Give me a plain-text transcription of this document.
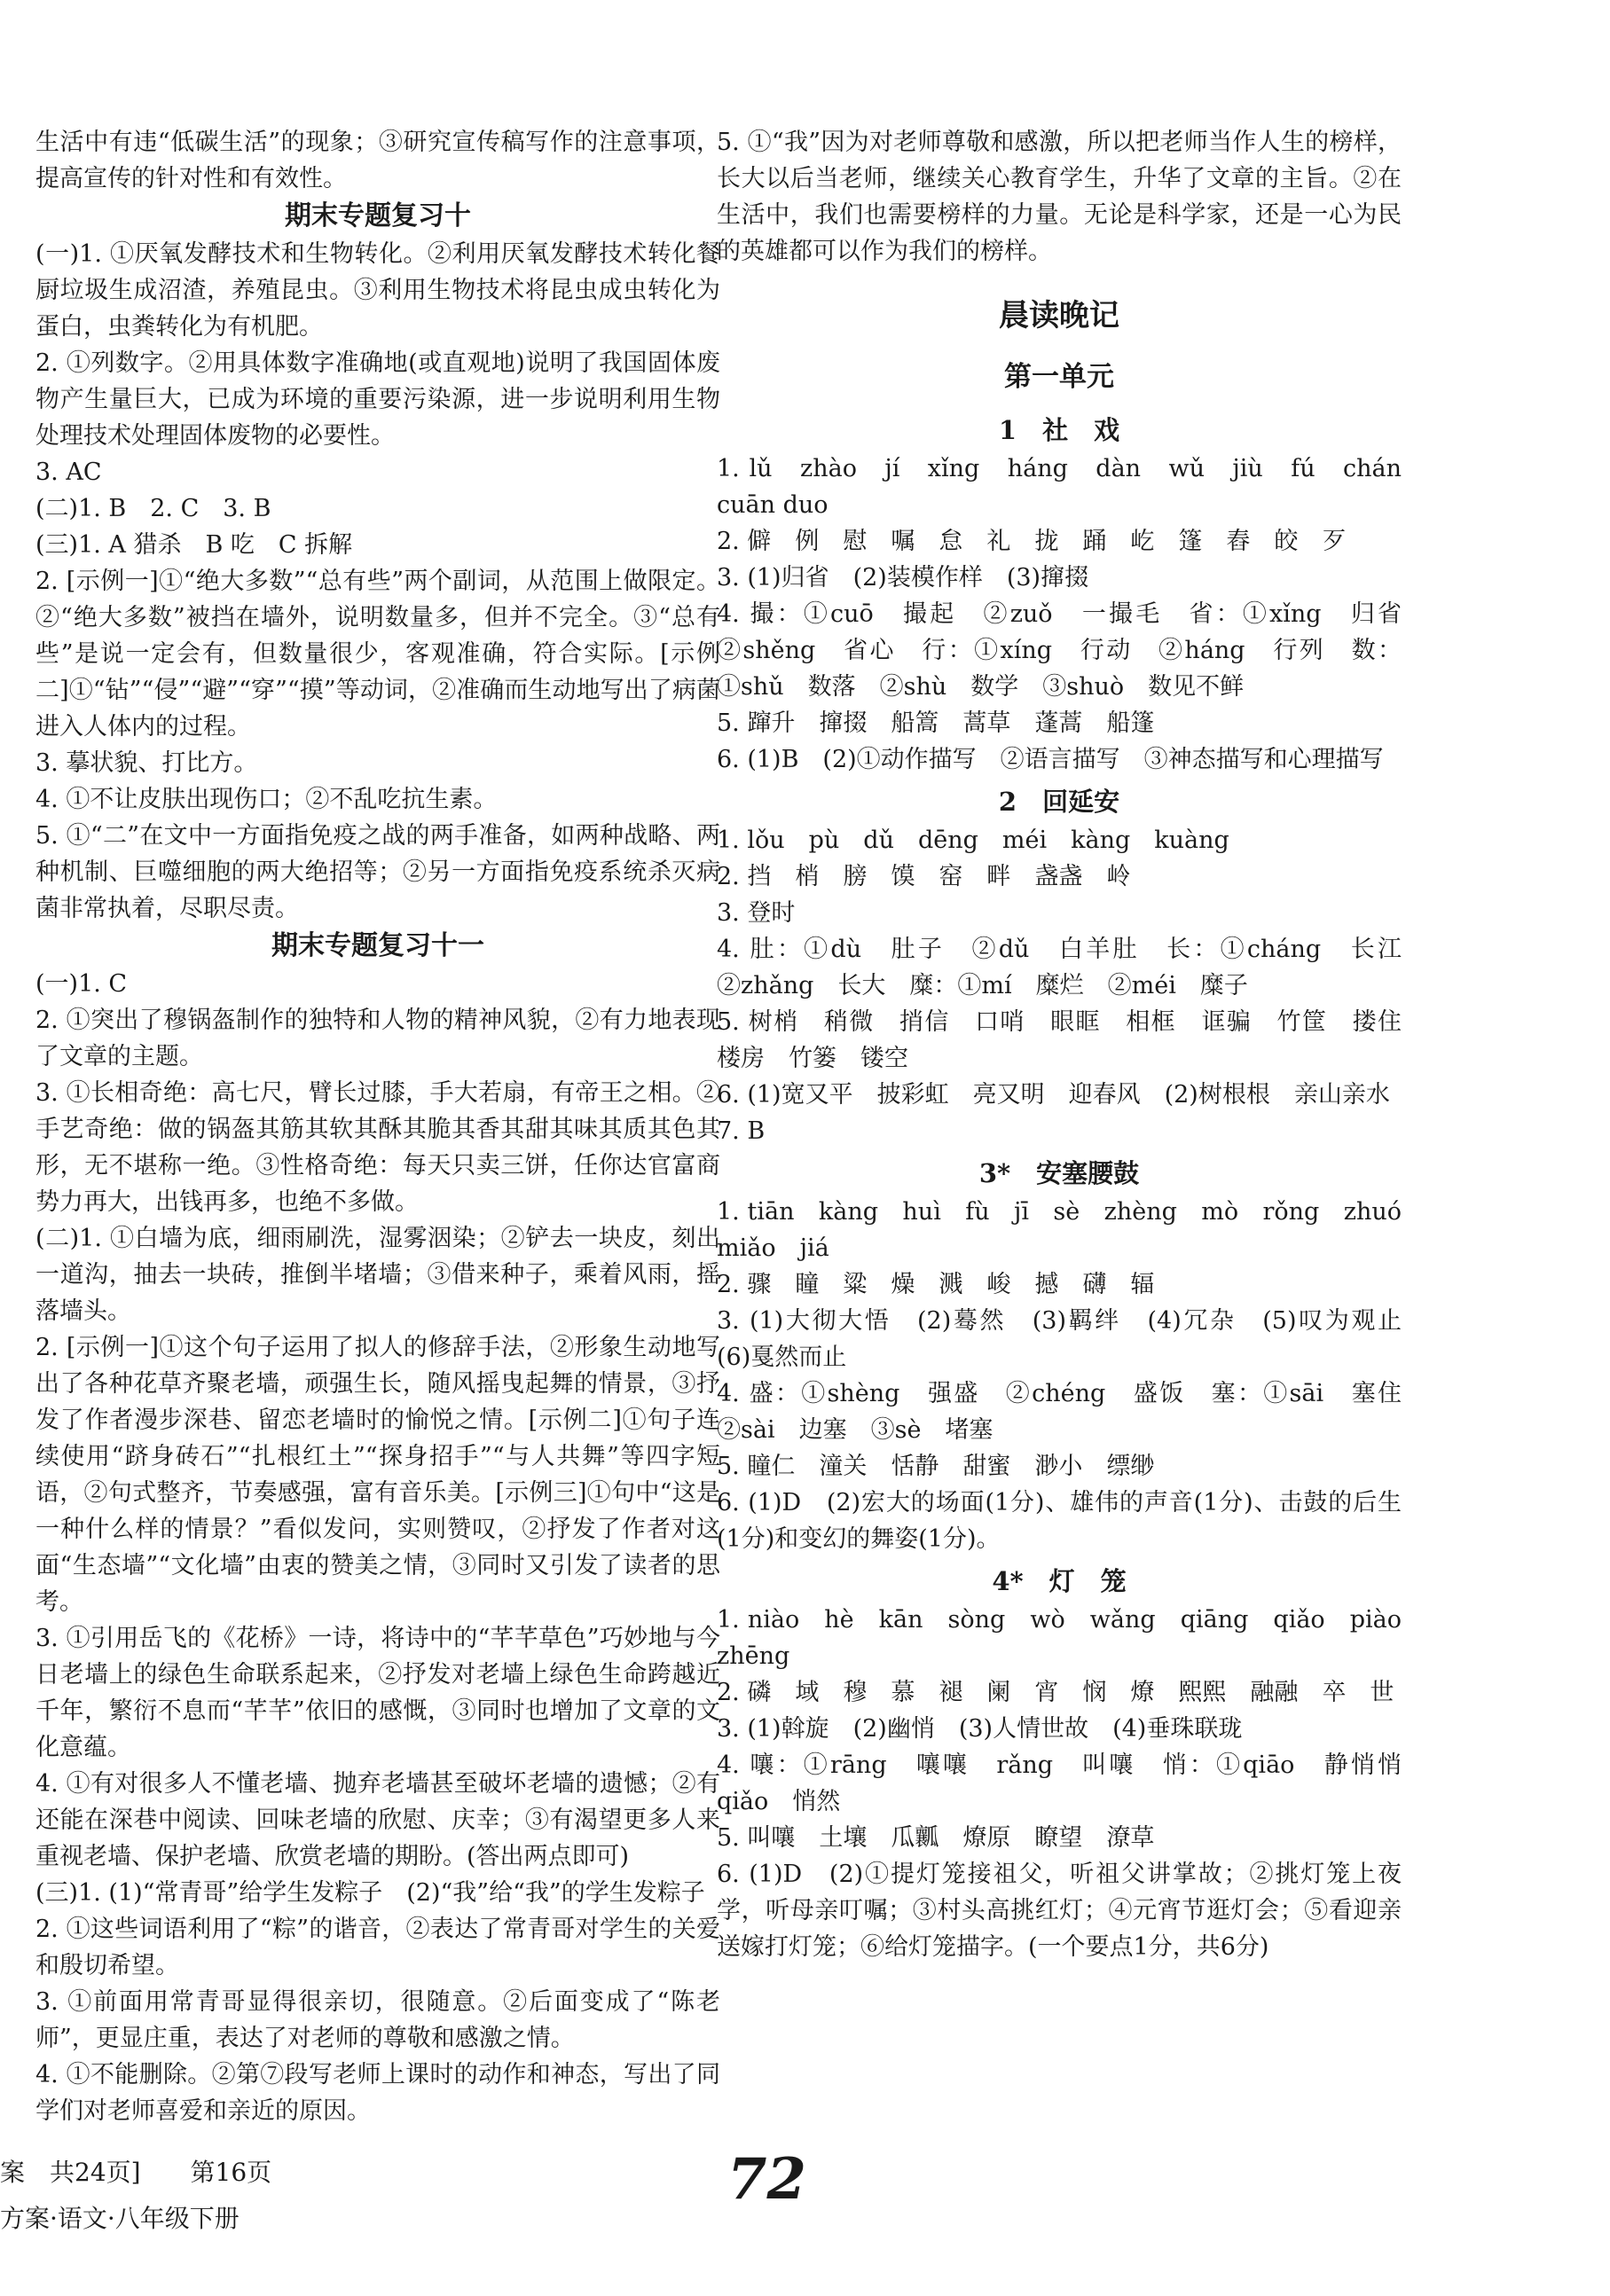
生活中有违“低碳生活”的现象；③研究宣传稿写作的注意事项，提高宣传的针对性和有效性。

期末专题复习十

(一)1. ①厌氧发酵技术和生物转化。②利用厌氧发酵技术转化餐厨垃圾生成沼渣，养殖昆虫。③利用生物技术将昆虫成虫转化为蛋白，虫粪转化为有机肥。

2. ①列数字。②用具体数字准确地(或直观地)说明了我国固体废物产生量巨大，已成为环境的重要污染源，进一步说明利用生物处理技术处理固体废物的必要性。

3. AC

(二)1. B　2. C　3. B

(三)1. A 猎杀　B 吃　C 拆解

2. [示例一]①“绝大多数”“总有些”两个副词，从范围上做限定。②“绝大多数”被挡在墙外，说明数量多，但并不完全。③“总有些”是说一定会有，但数量很少，客观准确，符合实际。[示例二]①“钻”“侵”“避”“穿”“摸”等动词，②准确而生动地写出了病菌进入人体内的过程。

3. 摹状貌、打比方。

4. ①不让皮肤出现伤口；②不乱吃抗生素。

5. ①“二”在文中一方面指免疫之战的两手准备，如两种战略、两种机制、巨噬细胞的两大绝招等；②另一方面指免疫系统杀灭病菌非常执着，尽职尽责。

期末专题复习十一

(一)1. C

2. ①突出了穆锅盔制作的独特和人物的精神风貌，②有力地表现了文章的主题。

3. ①长相奇绝：高七尺，臂长过膝，手大若扇，有帝王之相。②手艺奇绝：做的锅盔其筋其软其酥其脆其香其甜其味其质其色其形，无不堪称一绝。③性格奇绝：每天只卖三饼，任你达官富商势力再大，出钱再多，也绝不多做。

(二)1. ①白墙为底，细雨刷洗，湿雾洇染；②铲去一块皮，刻出一道沟，抽去一块砖，推倒半堵墙；③借来种子，乘着风雨，摇落墙头。

2. [示例一]①这个句子运用了拟人的修辞手法，②形象生动地写出了各种花草齐聚老墙，顽强生长，随风摇曳起舞的情景，③抒发了作者漫步深巷、留恋老墙时的愉悦之情。[示例二]①句子连续使用“跻身砖石”“扎根红土”“探身招手”“与人共舞”等四字短语，②句式整齐，节奏感强，富有音乐美。[示例三]①句中“这是一种什么样的情景？”看似发问，实则赞叹，②抒发了作者对这面“生态墙”“文化墙”由衷的赞美之情，③同时又引发了读者的思考。

3. ①引用岳飞的《花桥》一诗，将诗中的“芊芊草色”巧妙地与今日老墙上的绿色生命联系起来，②抒发对老墙上绿色生命跨越近千年，繁衍不息而“芊芊”依旧的感慨，③同时也增加了文章的文化意蕴。

4. ①有对很多人不懂老墙、抛弃老墙甚至破坏老墙的遗憾；②有还能在深巷中阅读、回味老墙的欣慰、庆幸；③有渴望更多人来重视老墙、保护老墙、欣赏老墙的期盼。(答出两点即可)

(三)1. (1)“常青哥”给学生发粽子　(2)“我”给“我”的学生发粽子

2. ①这些词语利用了“粽”的谐音，②表达了常青哥对学生的关爱和殷切希望。

3. ①前面用常青哥显得很亲切，很随意。②后面变成了“陈老师”，更显庄重，表达了对老师的尊敬和感激之情。

4. ①不能删除。②第⑦段写老师上课时的动作和神态，写出了同学们对老师喜爱和亲近的原因。

5. ①“我”因为对老师尊敬和感激，所以把老师当作人生的榜样，长大以后当老师，继续关心教育学生，升华了文章的主旨。②在生活中，我们也需要榜样的力量。无论是科学家，还是一心为民的英雄都可以作为我们的榜样。

晨读晚记
第一单元
1　社　戏

1. lǔ　zhào　jí　xǐng　háng　dàn　wǔ　jiù　fú　chán　cuān duo

2. 僻　例　慰　嘱　怠　礼　拢　踊　屹　篷　舂　皎　歹

3. (1)归省　(2)装模作样　(3)撺掇

4. 撮：①cuō　撮起　②zuǒ　一撮毛　省：①xǐng　归省　②shěng　省心　行：①xíng　行动　②háng　行列　数：①shǔ　数落　②shù　数学　③shuò　数见不鲜

5. 蹿升　撺掇　船篙　蒿草　蓬蒿　船篷

6. (1)B　(2)①动作描写　②语言描写　③神态描写和心理描写

2　回延安

1. lǒu　pù　dǔ　dēng　méi　kàng　kuàng

2. 挡　梢　膀　馍　窑　畔　盏盏　岭

3. 登时

4. 肚：①dù　肚子　②dǔ　白羊肚　长：①cháng　长江　②zhǎng　长大　糜：①mí　糜烂　②méi　糜子

5. 树梢　稍微　捎信　口哨　眼眶　相框　诓骗　竹筐　搂住　楼房　竹篓　镂空

6. (1)宽又平　披彩虹　亮又明　迎春风　(2)树根根　亲山亲水

7. B

3*　安塞腰鼓

1. tiān　kàng　huì　fù　jī　sè　zhèng　mò　rǒng　zhuó　miǎo　jiá

2. 骤　瞳　粱　燥　溅　峻　撼　礴　辐

3. (1)大彻大悟　(2)蓦然　(3)羁绊　(4)冗杂　(5)叹为观止　(6)戛然而止

4. 盛：①shèng　强盛　②chéng　盛饭　塞：①sāi　塞住　②sài　边塞　③sè　堵塞

5. 瞳仁　潼关　恬静　甜蜜　渺小　缥缈

6. (1)D　(2)宏大的场面(1分)、雄伟的声音(1分)、击鼓的后生(1分)和变幻的舞姿(1分)。

4*　灯　笼

1. niào　hè　kān　sòng　wò　wǎng　qiāng　qiǎo　piào　zhēng

2. 磷　域　穆　慕　褪　阑　宵　悯　燎　熙熙　融融　卒　世

3. (1)斡旋　(2)幽悄　(3)人情世故　(4)垂珠联珑

4. 嚷：①rāng　嚷嚷　rǎng　叫嚷　悄：①qiāo　静悄悄　qiǎo　悄然

5. 叫嚷　土壤　瓜瓤　燎原　瞭望　潦草

6. (1)D　(2)①提灯笼接祖父，听祖父讲掌故；②挑灯笼上夜学，听母亲叮嘱；③村头高挑红灯；④元宵节逛灯会；⑤看迎亲送嫁打灯笼；⑥给灯笼描字。(一个要点1分，共6分)

案　共24页]　　第16页
方案·语文·八年级下册
72
